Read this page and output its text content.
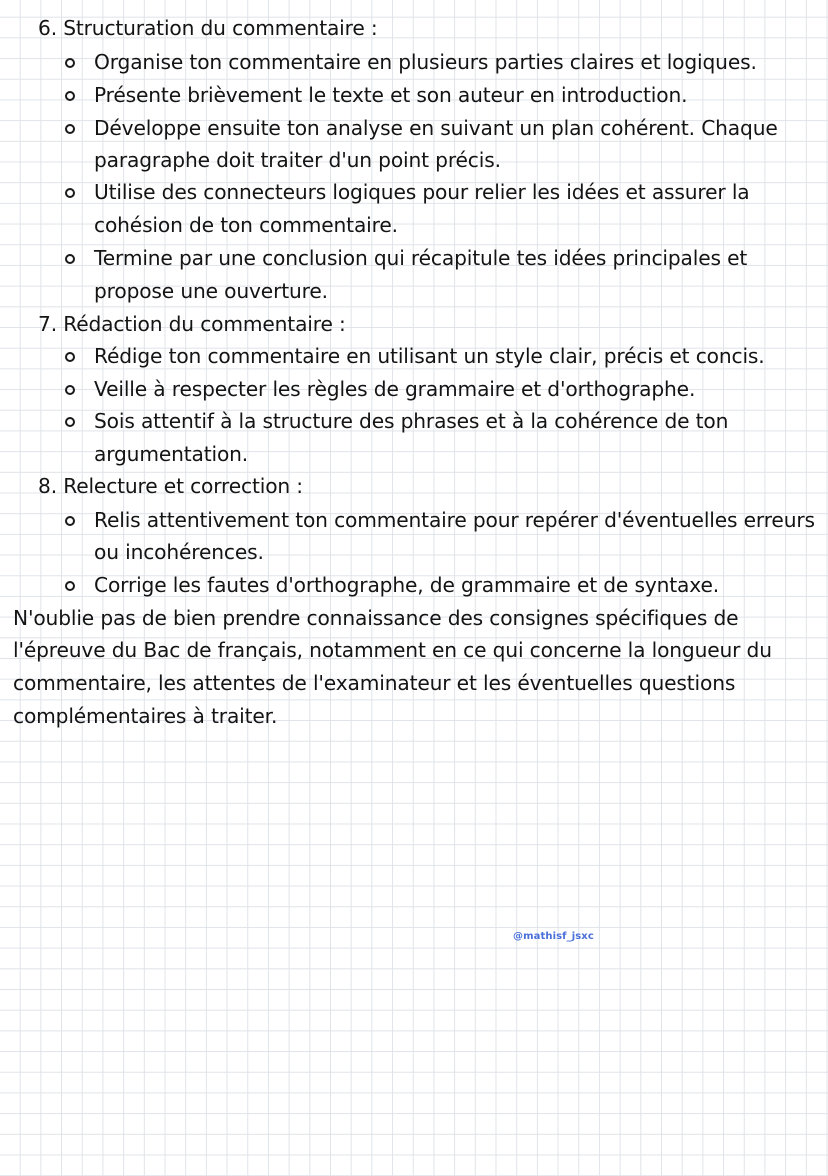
6. Structuration du commentaire :
Organise ton commentaire en plusieurs parties claires et logiques.
Présente brièvement le texte et son auteur en introduction.
Développe ensuite ton analyse en suivant un plan cohérent. Chaque
paragraphe doit traiter d'un point précis.
Utilise des connecteurs logiques pour relier les idées et assurer la
cohésion de ton commentaire.
Termine par une conclusion qui récapitule tes idées principales et
propose une ouverture.
7. Rédaction du commentaire :
Rédige ton commentaire en utilisant un style clair, précis et concis.
Veille à respecter les règles de grammaire et d'orthographe.
Sois attentif à la structure des phrases et à la cohérence de ton
argumentation.
8. Relecture et correction :
Relis attentivement ton commentaire pour repérer d'éventuelles erreurs
ou incohérences.
Corrige les fautes d'orthographe, de grammaire et de syntaxe.
N'oublie pas de bien prendre connaissance des consignes spécifiques de
l'épreuve du Bac de français, notamment en ce qui concerne la longueur du
commentaire, les attentes de l'examinateur et les éventuelles questions
complémentaires à traiter.
@mathisf_jsxc
